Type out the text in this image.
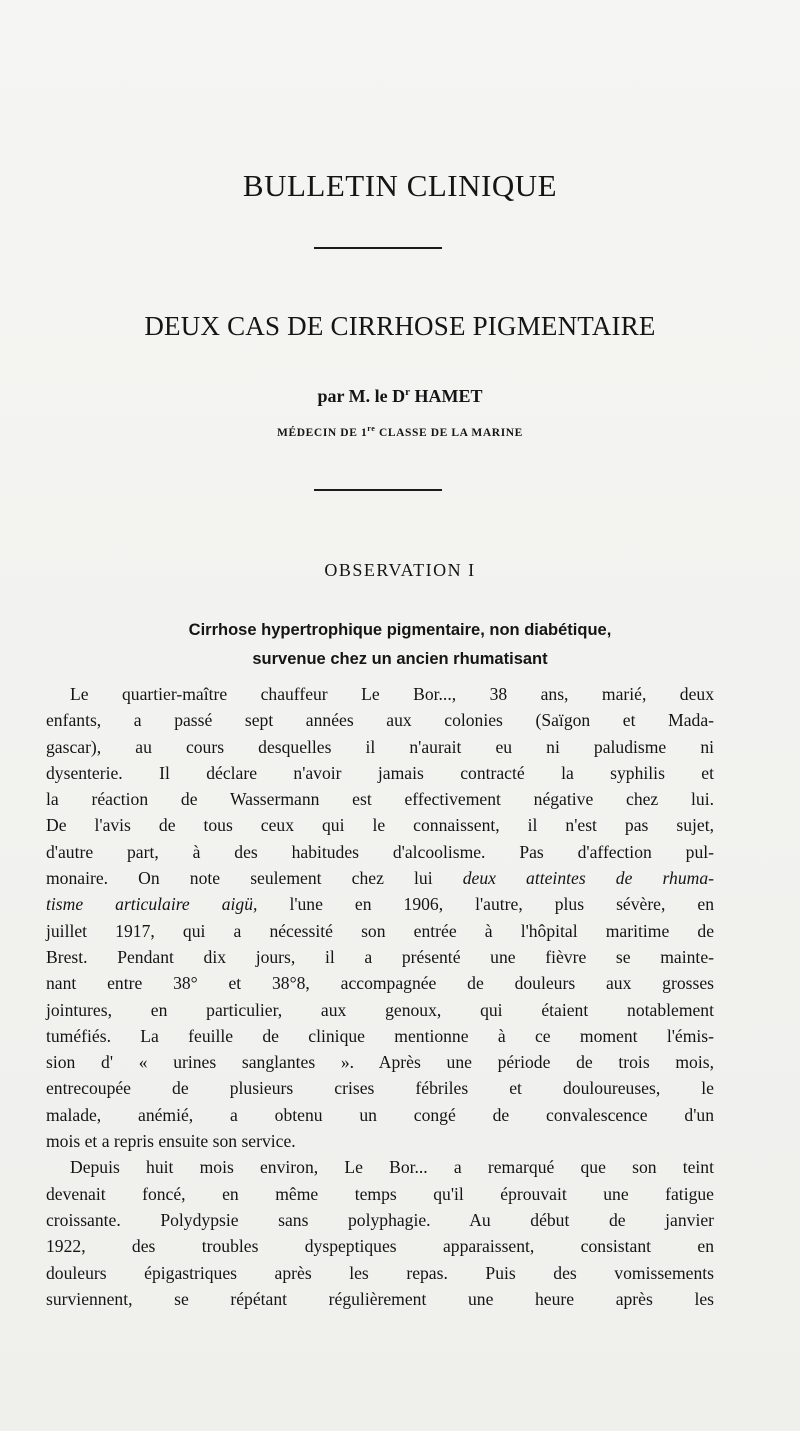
BULLETIN CLINIQUE
DEUX CAS DE CIRRHOSE PIGMENTAIRE
par M. le $D^r$ HAMET
MÉDECIN DE 1re CLASSE DE LA MARINE
OBSERVATION I
Cirrhose hypertrophique pigmentaire, non diabétique,
survenue chez un ancien rhumatisant
Le quartier-maître chauffeur Le Bor..., 38 ans, marié, deux
enfants, a passé sept années aux colonies (Saïgon et Mada-
gascar), au cours desquelles il n'aurait eu ni paludisme ni
dysenterie. Il déclare n'avoir jamais contracté la syphilis et
la réaction de Wassermann est effectivement négative chez lui.
De l'avis de tous ceux qui le connaissent, il n'est pas sujet,
d'autre part, à des habitudes d'alcoolisme. Pas d'affection pul-
monaire. On note seulement chez lui deux atteintes de rhuma-
tisme articulaire aigü, l'une en 1906, l'autre, plus sévère, en
juillet 1917, qui a nécessité son entrée à l'hôpital maritime de
Brest. Pendant dix jours, il a présenté une fièvre se mainte-
nant entre 38° et 38°8, accompagnée de douleurs aux grosses
jointures, en particulier, aux genoux, qui étaient notablement
tuméfiés. La feuille de clinique mentionne à ce moment l'émis-
sion d' « urines sanglantes ». Après une période de trois mois,
entrecoupée de plusieurs crises fébriles et douloureuses, le
malade, anémié, a obtenu un congé de convalescence d'un
mois et a repris ensuite son service.
Depuis huit mois environ, Le Bor... a remarqué que son teint
devenait foncé, en même temps qu'il éprouvait une fatigue
croissante. Polydypsie sans polyphagie. Au début de janvier
1922, des troubles dyspeptiques apparaissent, consistant en
douleurs épigastriques après les repas. Puis des vomissements
surviennent, se répétant régulièrement une heure après les
